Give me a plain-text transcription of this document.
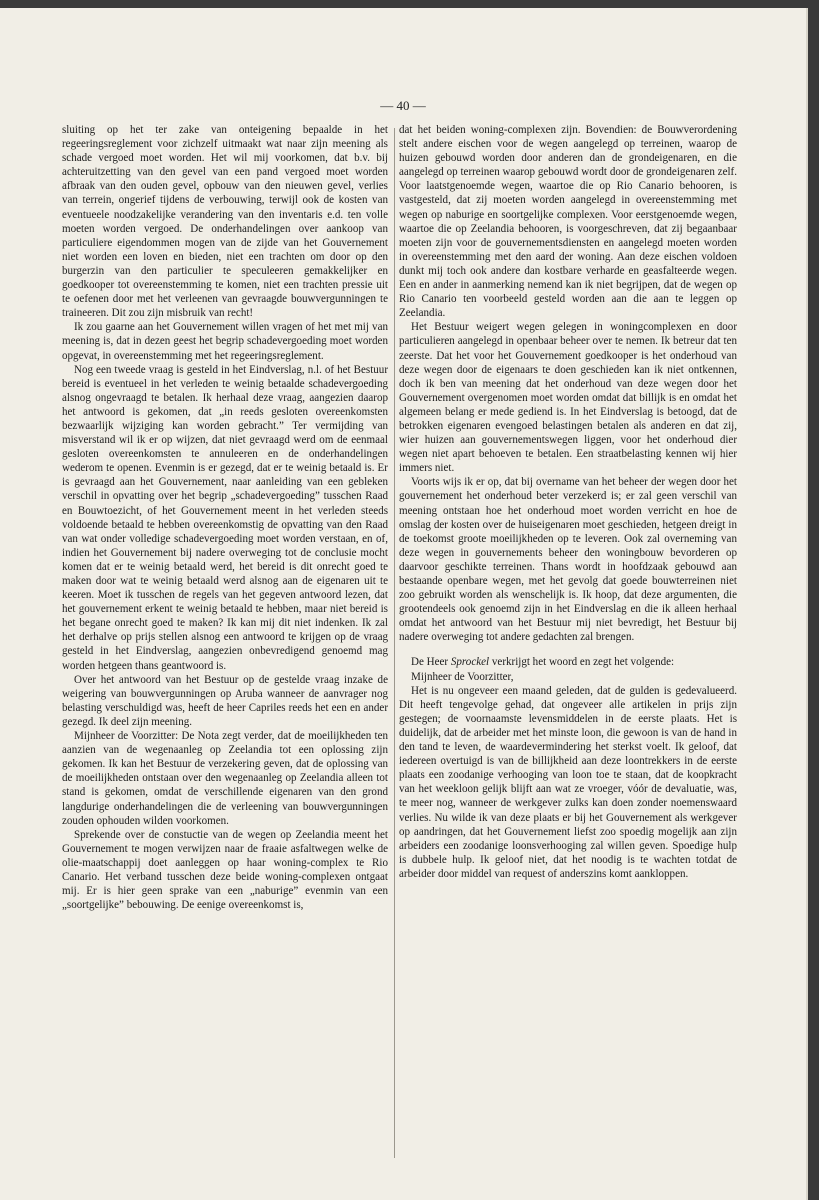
— 40 —

sluiting op het ter zake van onteigening bepaalde in het regeeringsreglement voor zichzelf uitmaakt wat naar zijn meening als schade vergoed moet worden. Het wil mij voorkomen, dat b.v. bij achteruitzetting van den gevel van een pand vergoed moet worden afbraak van den ouden gevel, opbouw van den nieuwen gevel, verlies van terrein, ongerief tijdens de verbouwing, terwijl ook de kosten van eventueele noodzakelijke verandering van den inventaris e.d. ten volle moeten worden vergoed. De onderhandelingen over aankoop van particuliere eigendommen mogen van de zijde van het Gouvernement niet worden een loven en bieden, niet een trachten om door op den burgerzin van den particulier te speculeeren gemakkelijker en goedkooper tot overeenstemming te komen, niet een trachten pressie uit te oefenen door met het verleenen van gevraagde bouwvergunningen te traineeren. Dit zou zijn misbruik van recht!

Ik zou gaarne aan het Gouvernement willen vragen of het met mij van meening is, dat in dezen geest het begrip schadevergoeding moet worden opgevat, in overeenstemming met het regeeringsreglement.

Nog een tweede vraag is gesteld in het Eindverslag, n.l. of het Bestuur bereid is eventueel in het verleden te weinig betaalde schadevergoeding alsnog ongevraagd te betalen. Ik herhaal deze vraag, aangezien daarop het antwoord is gekomen, dat „in reeds gesloten overeenkomsten bezwaarlijk wijziging kan worden gebracht.” Ter vermijding van misverstand wil ik er op wijzen, dat niet gevraagd werd om de eenmaal gesloten overeenkomsten te annuleeren en de onderhandelingen wederom te openen. Evenmin is er gezegd, dat er te weinig betaald is. Er is gevraagd aan het Gouvernement, naar aanleiding van een gebleken verschil in opvatting over het begrip „schadevergoeding” tusschen Raad en Bouwtoezicht, of het Gouvernement meent in het verleden steeds voldoende betaald te hebben overeenkomstig de opvatting van den Raad van wat onder volledige schadevergoeding moet worden verstaan, en of, indien het Gouvernement bij nadere overweging tot de conclusie mocht komen dat er te weinig betaald werd, het bereid is dit onrecht goed te maken door wat te weinig betaald werd alsnog aan de eigenaren uit te keeren. Moet ik tusschen de regels van het gegeven antwoord lezen, dat het gouvernement erkent te weinig betaald te hebben, maar niet bereid is het begane onrecht goed te maken? Ik kan mij dit niet indenken. Ik zal het derhalve op prijs stellen alsnog een antwoord te krijgen op de vraag gesteld in het Eindverslag, aangezien onbevredigend genoemd mag worden hetgeen thans geantwoord is.

Over het antwoord van het Bestuur op de gestelde vraag inzake de weigering van bouwvergunningen op Aruba wanneer de aanvrager nog belasting verschuldigd was, heeft de heer Capriles reeds het een en ander gezegd. Ik deel zijn meening.

Mijnheer de Voorzitter: De Nota zegt verder, dat de moeilijkheden ten aanzien van de wegenaanleg op Zeelandia tot een oplossing zijn gekomen. Ik kan het Bestuur de verzekering geven, dat de oplossing van de moeilijkheden ontstaan over den wegenaanleg op Zeelandia alleen tot stand is gekomen, omdat de verschillende eigenaren van den grond langdurige onderhandelingen die de verleening van bouwvergunningen zouden ophouden wilden voorkomen.

Sprekende over de constuctie van de wegen op Zeelandia meent het Gouvernement te mogen verwijzen naar de fraaie asfaltwegen welke de olie-maatschappij doet aanleggen op haar woning-complex te Rio Canario. Het verband tusschen deze beide woning-complexen ontgaat mij. Er is hier geen sprake van een „naburige” evenmin van een „soortgelijke” bebouwing. De eenige overeenkomst is,

dat het beiden woning-complexen zijn. Bovendien: de Bouwverordening stelt andere eischen voor de wegen aangelegd op terreinen, waarop de huizen gebouwd worden door anderen dan de grondeigenaren, en die aangelegd op terreinen waarop gebouwd wordt door de grondeigenaren zelf. Voor laatstgenoemde wegen, waartoe die op Rio Canario behooren, is vastgesteld, dat zij moeten worden aangelegd in overeenstemming met wegen op naburige en soortgelijke complexen. Voor eerstgenoemde wegen, waartoe die op Zeelandia behooren, is voorgeschreven, dat zij begaanbaar moeten zijn voor de gouvernementsdiensten en aangelegd moeten worden in overeenstemming met den aard der woning. Aan deze eischen voldoen dunkt mij toch ook andere dan kostbare verharde en geasfalteerde wegen. Een en ander in aanmerking nemend kan ik niet begrijpen, dat de wegen op Rio Canario ten voorbeeld gesteld worden aan die aan te leggen op Zeelandia.

Het Bestuur weigert wegen gelegen in woningcomplexen en door particulieren aangelegd in openbaar beheer over te nemen. Ik betreur dat ten zeerste. Dat het voor het Gouvernement goedkooper is het onderhoud van deze wegen door de eigenaars te doen geschieden kan ik niet ontkennen, doch ik ben van meening dat het onderhoud van deze wegen door het Gouvernement overgenomen moet worden omdat dat billijk is en omdat het algemeen belang er mede gediend is. In het Eindverslag is betoogd, dat de betrokken eigenaren evengoed belastingen betalen als anderen en dat zij, wier huizen aan gouvernementswegen liggen, voor het onderhoud dier wegen niet apart behoeven te betalen. Een straatbelasting kennen wij hier immers niet.

Voorts wijs ik er op, dat bij overname van het beheer der wegen door het gouvernement het onderhoud beter verzekerd is; er zal geen verschil van meening ontstaan hoe het onderhoud moet worden verricht en hoe de omslag der kosten over de huiseigenaren moet geschieden, hetgeen dreigt in de toekomst groote moeilijkheden op te leveren. Ook zal overneming van deze wegen in gouvernements beheer den woningbouw bevorderen op daarvoor geschikte terreinen. Thans wordt in hoofdzaak gebouwd aan bestaande openbare wegen, met het gevolg dat goede bouwterreinen niet zoo gebruikt worden als wenschelijk is. Ik hoop, dat deze argumenten, die grootendeels ook genoemd zijn in het Eindverslag en die ik alleen herhaal omdat het antwoord van het Bestuur mij niet bevredigt, het Bestuur bij nadere overweging tot andere gedachten zal brengen.

De Heer Sprockel verkrijgt het woord en zegt het volgende:

Mijnheer de Voorzitter,

Het is nu ongeveer een maand geleden, dat de gulden is gedevalueerd. Dit heeft tengevolge gehad, dat ongeveer alle artikelen in prijs zijn gestegen; de voornaamste levensmiddelen in de eerste plaats. Het is duidelijk, dat de arbeider met het minste loon, die gewoon is van de hand in den tand te leven, de waardevermindering het sterkst voelt. Ik geloof, dat iedereen overtuigd is van de billijkheid aan deze loontrekkers in de eerste plaats een zoodanige verhooging van loon toe te staan, dat de koopkracht van het weekloon gelijk blijft aan wat ze vroeger, vóór de devaluatie, was, te meer nog, wanneer de werkgever zulks kan doen zonder noemenswaard verlies. Nu wilde ik van deze plaats er bij het Gouvernement als werkgever op aandringen, dat het Gouvernement liefst zoo spoedig mogelijk aan zijn arbeiders een zoodanige loonsverhooging zal willen geven. Spoedige hulp is dubbele hulp. Ik geloof niet, dat het noodig is te wachten totdat de arbeider door middel van request of anderszins komt aankloppen.
